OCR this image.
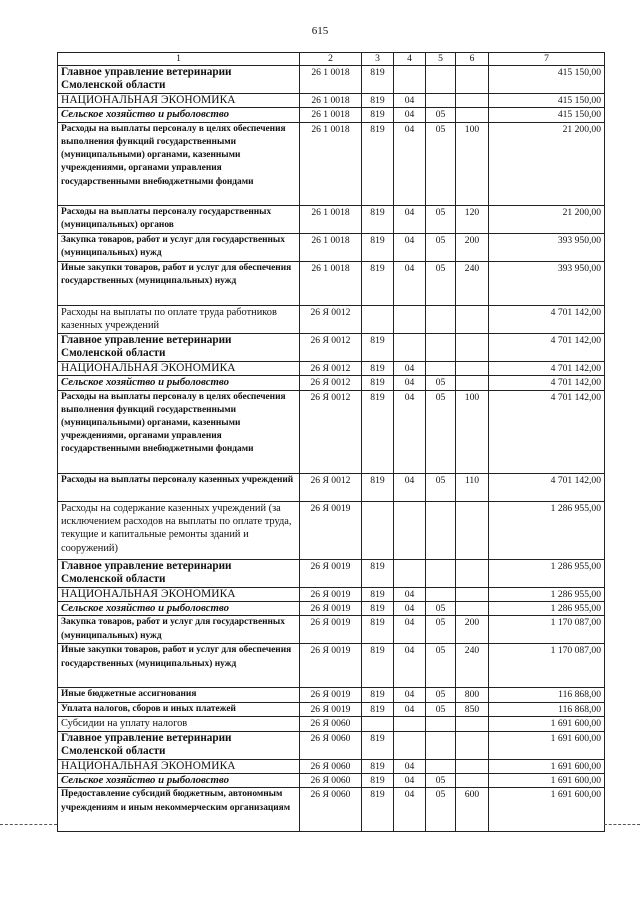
615
1	2	3	4	5	6	7
Главное управление ветеринарии Смоленской области	26 1 0018	819				415 150,00
НАЦИОНАЛЬНАЯ ЭКОНОМИКА	26 1 0018	819	04			415 150,00
Сельское хозяйство и рыболовство	26 1 0018	819	04	05		415 150,00
Расходы на выплаты персоналу в целях обеспечения выполнения функций государственными (муниципальными) органами, казенными учреждениями, органами управления государственными внебюджетными фондами	26 1 0018	819	04	05	100	21 200,00
Расходы на выплаты персоналу государственных (муниципальных) органов	26 1 0018	819	04	05	120	21 200,00
Закупка товаров, работ и услуг для государственных (муниципальных) нужд	26 1 0018	819	04	05	200	393 950,00
Иные закупки товаров, работ и услуг для обеспечения государственных (муниципальных) нужд	26 1 0018	819	04	05	240	393 950,00
Расходы на выплаты по оплате труда работников казенных учреждений	26 Я 0012					4 701 142,00
Главное управление ветеринарии Смоленской области	26 Я 0012	819				4 701 142,00
НАЦИОНАЛЬНАЯ ЭКОНОМИКА	26 Я 0012	819	04			4 701 142,00
Сельское хозяйство и рыболовство	26 Я 0012	819	04	05		4 701 142,00
Расходы на выплаты персоналу в целях обеспечения выполнения функций государственными (муниципальными) органами, казенными учреждениями, органами управления государственными внебюджетными фондами	26 Я 0012	819	04	05	100	4 701 142,00
Расходы на выплаты персоналу казенных учреждений	26 Я 0012	819	04	05	110	4 701 142,00
Расходы на содержание казенных учреждений (за исключением расходов на выплаты по оплате труда, текущие и капитальные ремонты зданий и сооружений)	26 Я 0019					1 286 955,00
Главное управление ветеринарии Смоленской области	26 Я 0019	819				1 286 955,00
НАЦИОНАЛЬНАЯ ЭКОНОМИКА	26 Я 0019	819	04			1 286 955,00
Сельское хозяйство и рыболовство	26 Я 0019	819	04	05		1 286 955,00
Закупка товаров, работ и услуг для государственных (муниципальных) нужд	26 Я 0019	819	04	05	200	1 170 087,00
Иные закупки товаров, работ и услуг для обеспечения государственных (муниципальных) нужд	26 Я 0019	819	04	05	240	1 170 087,00
Иные бюджетные ассигнования	26 Я 0019	819	04	05	800	116 868,00
Уплата налогов, сборов и иных платежей	26 Я 0019	819	04	05	850	116 868,00
Субсидии на уплату налогов	26 Я 0060					1 691 600,00
Главное управление ветеринарии Смоленской области	26 Я 0060	819				1 691 600,00
НАЦИОНАЛЬНАЯ ЭКОНОМИКА	26 Я 0060	819	04			1 691 600,00
Сельское хозяйство и рыболовство	26 Я 0060	819	04	05		1 691 600,00
Предоставление субсидий бюджетным, автономным учреждениям и иным некоммерческим организациям	26 Я 0060	819	04	05	600	1 691 600,00
